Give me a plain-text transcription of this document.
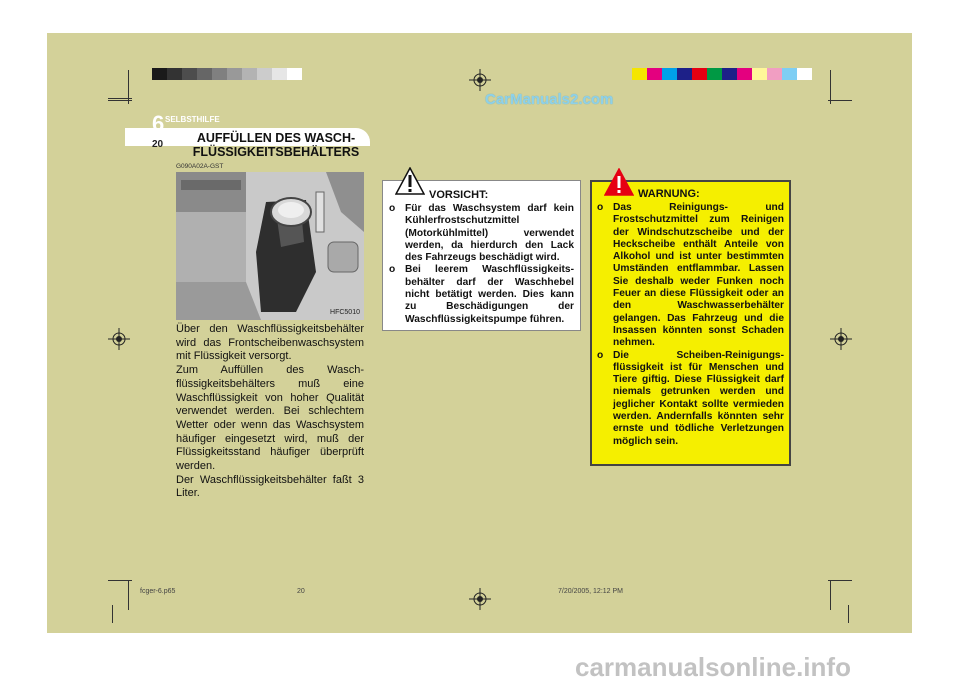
CarManuals2.com
6 SELBSTHILFE
20	AUFFÜLLEN DES WASCH-
FLÜSSIGKEITSBEHÄLTERS
G090A02A-GST
HFC5010

Über den Waschflüssigkeitsbehälter wird das Frontscheibenwaschsystem mit Flüssigkeit versorgt.

Zum Auffüllen des Wasch-flüssigkeitsbehälters muß eine Waschflüssigkeit von hoher Qualität verwendet werden. Bei schlechtem Wetter oder wenn das Waschsystem häufiger eingesetzt wird, muß der Flüssigkeitsstand häufiger überprüft werden.

Der Waschflüssigkeitsbehälter faßt 3 Liter.

VORSICHT:
o Für das Waschsystem darf kein Kühlerfrostschutzmittel (Motorkühlmittel) verwendet werden, da hierdurch den Lack des Fahrzeugs beschädigt wird.
o Bei leerem Waschflüssigkeits-behälter darf der Waschhebel nicht betätigt werden. Dies kann zu Beschädigungen der Waschflüssigkeitspumpe führen.
WARNUNG:
o Das Reinigungs- und Frostschutzmittel zum Reinigen der Windschutzscheibe und der Heckscheibe enthält Anteile von Alkohol und ist unter bestimmten Umständen entflammbar. Lassen Sie deshalb weder Funken noch Feuer an diese Flüssigkeit oder an den Waschwasserbehälter gelangen. Das Fahrzeug und die Insassen könnten sonst Schaden nehmen.
o Die Scheiben-Reinigungs-flüssigkeit ist für Menschen und Tiere giftig. Diese Flüssigkeit darf niemals getrunken werden und jeglicher Kontakt sollte vermieden werden. Andernfalls könnten sehr ernste und tödliche Verletzungen möglich sein.
fcger-6.p65	20	7/20/2005, 12:12 PM
carmanualsonline.info
